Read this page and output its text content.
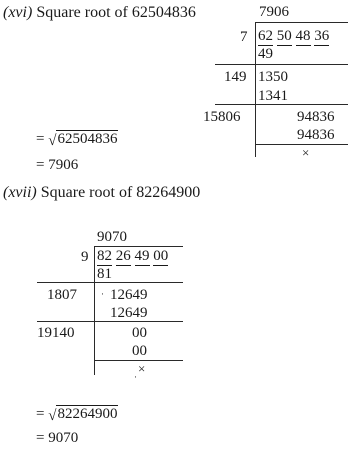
(xvi) Square root of 62504836	7906
7 62 50 48 36
49
149 1350
1341
15806	94836
94836
×
= √62504836
= 7906
(xvii) Square root of 82264900
9070
9 82 26 49 00
81
1807	· 12649
12649
19140	00
00
×
·
= √82264900
= 9070
